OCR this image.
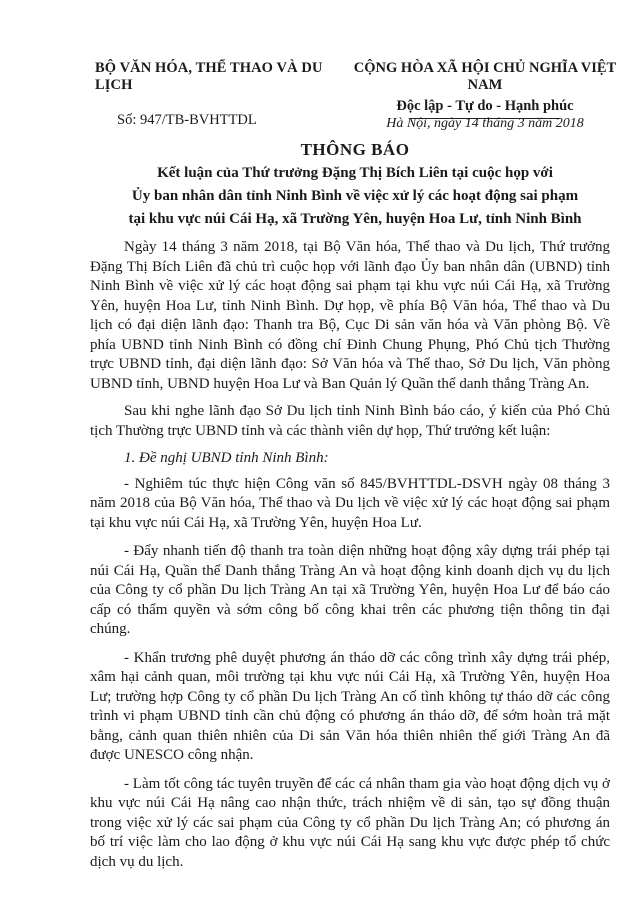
BỘ VĂN HÓA, THỂ THAO VÀ DU LỊCH
Số: 947/TB-BVHTTDL
CỘNG HÒA XÃ HỘI CHỦ NGHĨA VIỆT NAM
Độc lập - Tự do - Hạnh phúc
Hà Nội, ngày 14 tháng 3 năm 2018
THÔNG BÁO
Kết luận của Thứ trưởng Đặng Thị Bích Liên tại cuộc họp với
Ủy ban nhân dân tỉnh Ninh Bình về việc xử lý các hoạt động sai phạm
tại khu vực núi Cái Hạ, xã Trường Yên, huyện Hoa Lư, tỉnh Ninh Bình

Ngày 14 tháng 3 năm 2018, tại Bộ Văn hóa, Thể thao và Du lịch, Thứ trưởng Đặng Thị Bích Liên đã chủ trì cuộc họp với lãnh đạo Ủy ban nhân dân (UBND) tỉnh Ninh Bình về việc xử lý các hoạt động sai phạm tại khu vực núi Cái Hạ, xã Trường Yên, huyện Hoa Lư, tỉnh Ninh Bình. Dự họp, về phía Bộ Văn hóa, Thể thao và Du lịch có đại diện lãnh đạo: Thanh tra Bộ, Cục Di sản văn hóa và Văn phòng Bộ. Về phía UBND tỉnh Ninh Bình có đồng chí Đinh Chung Phụng, Phó Chủ tịch Thường trực UBND tỉnh, đại diện lãnh đạo: Sở Văn hóa và Thể thao, Sở Du lịch, Văn phòng UBND tỉnh, UBND huyện Hoa Lư và Ban Quản lý Quần thể danh thắng Tràng An.

Sau khi nghe lãnh đạo Sở Du lịch tỉnh Ninh Bình báo cáo, ý kiến của Phó Chủ tịch Thường trực UBND tỉnh và các thành viên dự họp, Thứ trưởng kết luận:

1. Đề nghị UBND tỉnh Ninh Bình:

- Nghiêm túc thực hiện Công văn số 845/BVHTTDL-DSVH ngày 08 tháng 3 năm 2018 của Bộ Văn hóa, Thể thao và Du lịch về việc xử lý các hoạt động sai phạm tại khu vực núi Cái Hạ, xã Trường Yên, huyện Hoa Lư.

- Đẩy nhanh tiến độ thanh tra toàn diện những hoạt động xây dựng trái phép tại núi Cái Hạ, Quần thể Danh thắng Tràng An và hoạt động kinh doanh dịch vụ du lịch của Công ty cổ phần Du lịch Tràng An tại xã Trường Yên, huyện Hoa Lư để báo cáo cấp có thẩm quyền và sớm công bố công khai trên các phương tiện thông tin đại chúng.

- Khẩn trương phê duyệt phương án tháo dỡ các công trình xây dựng trái phép, xâm hại cảnh quan, môi trường tại khu vực núi Cái Hạ, xã Trường Yên, huyện Hoa Lư; trường hợp Công ty cổ phần Du lịch Tràng An cố tình không tự tháo dỡ các công trình vi phạm UBND tỉnh cần chủ động có phương án tháo dỡ, để sớm hoàn trả mặt bằng, cảnh quan thiên nhiên của Di sản Văn hóa thiên nhiên thế giới Tràng An đã được UNESCO công nhận.

- Làm tốt công tác tuyên truyền để các cá nhân tham gia vào hoạt động dịch vụ ở khu vực núi Cái Hạ nâng cao nhận thức, trách nhiệm về di sản, tạo sự đồng thuận trong việc xử lý các sai phạm của Công ty cổ phần Du lịch Tràng An; có phương án bố trí việc làm cho lao động ở khu vực núi Cái Hạ sang khu vực được phép tổ chức dịch vụ du lịch.
